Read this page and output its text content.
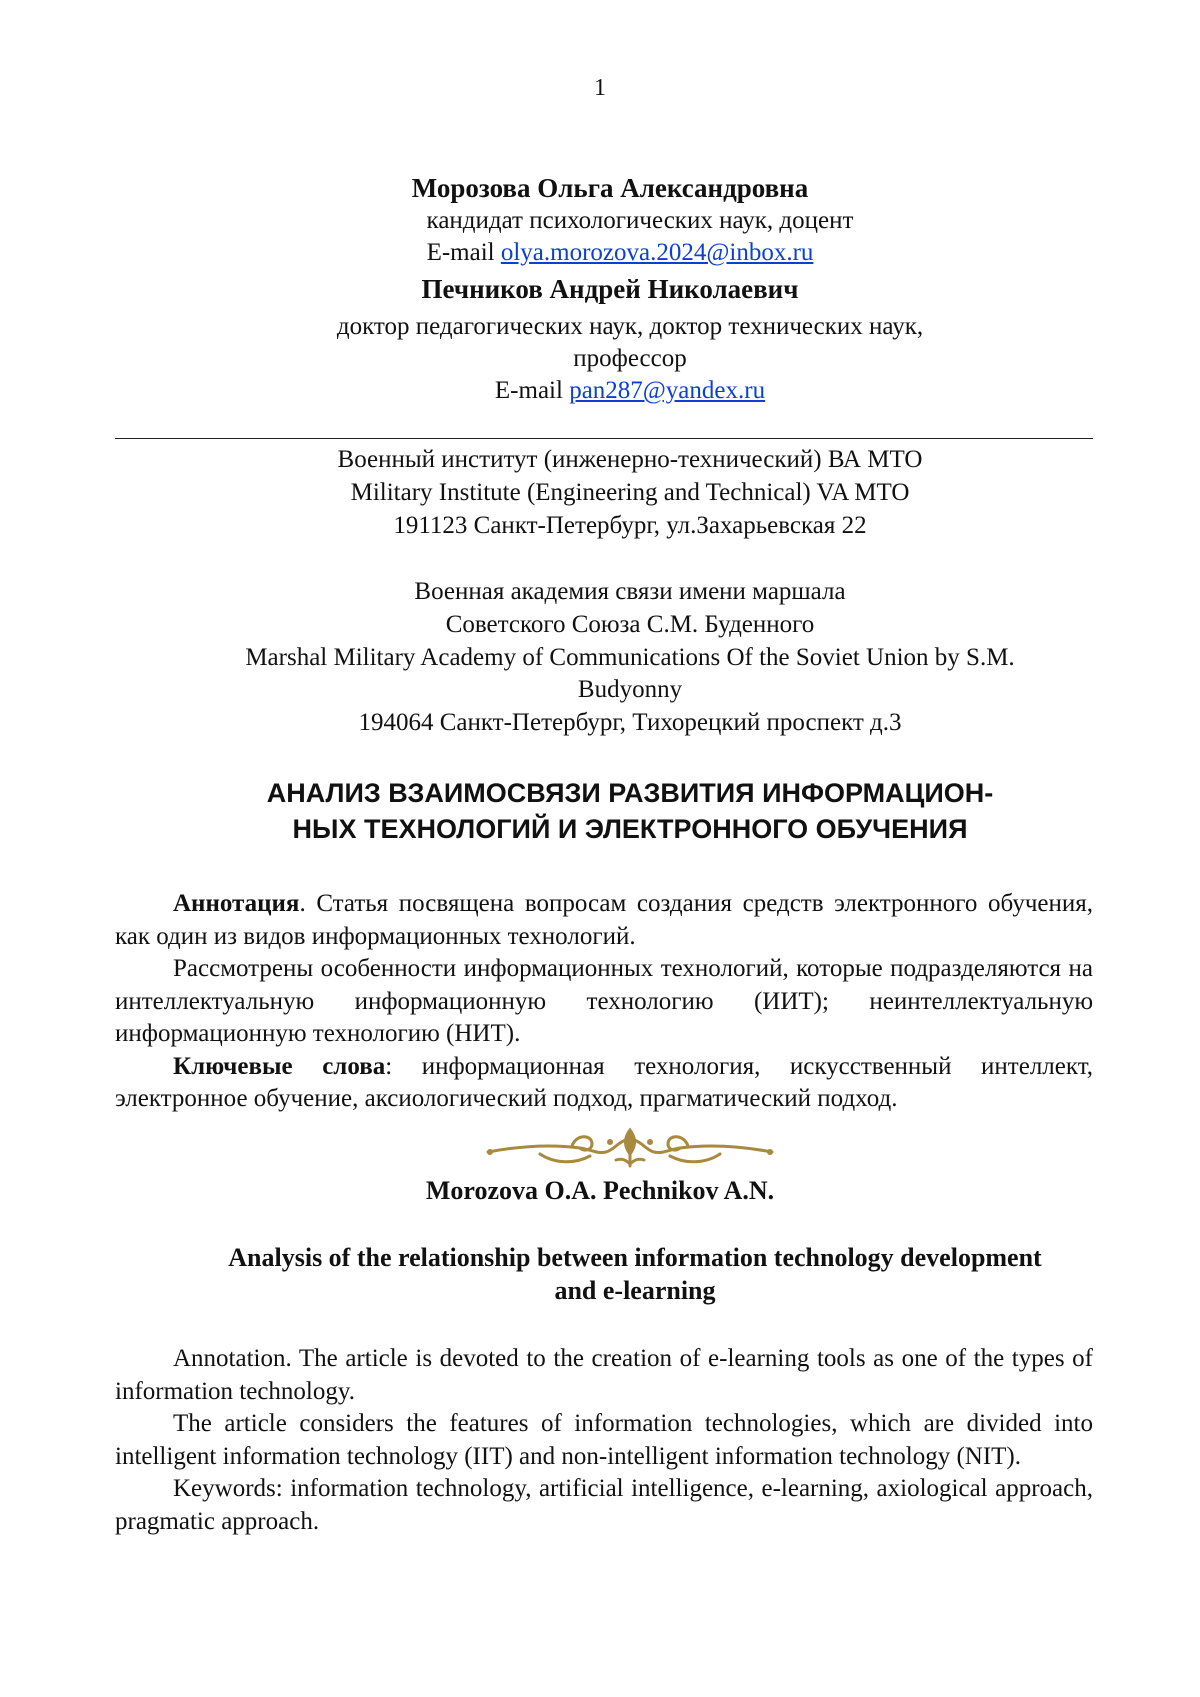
1
Морозова Ольга Александровна
кандидат психологических наук, доцент
E-mail olya.morozova.2024@inbox.ru
Печников Андрей Николаевич
доктор педагогических наук, доктор технических наук,
профессор
E-mail pan287@yandex.ru
Военный институт (инженерно-технический) ВА МТО
Military Institute (Engineering and Technical) VA MTO
191123 Санкт-Петербург, ул.Захарьевская 22
Военная академия связи имени маршала
Советского Союза С.М. Буденного
Marshal Military Academy of Communications Of the Soviet Union by S.M.
Budyonny
194064 Санкт-Петербург, Тихорецкий проспект д.3
АНАЛИЗ ВЗАИМОСВЯЗИ РАЗВИТИЯ ИНФОРМАЦИОН-
НЫХ ТЕХНОЛОГИЙ И ЭЛЕКТРОННОГО ОБУЧЕНИЯ

Аннотация. Статья посвящена вопросам создания средств электронного обучения, как один из видов информационных технологий.

Рассмотрены особенности информационных технологий, которые подразделяются на интеллектуальную информационную технологию (ИИТ); неинтеллектуальную информационную технологию (НИТ).

Ключевые слова: информационная технология, искусственный интеллект, электронное обучение, аксиологический подход, прагматический подход.

Morozova O.A. Pechnikov A.N.
Analysis of the relationship between information technology development
and e-learning

Annotation. The article is devoted to the creation of e-learning tools as one of the types of information technology.

The article considers the features of information technologies, which are divided into intelligent information technology (IIT) and non-intelligent information technology (NIT).

Keywords: information technology, artificial intelligence, e-learning, axiological approach, pragmatic approach.
